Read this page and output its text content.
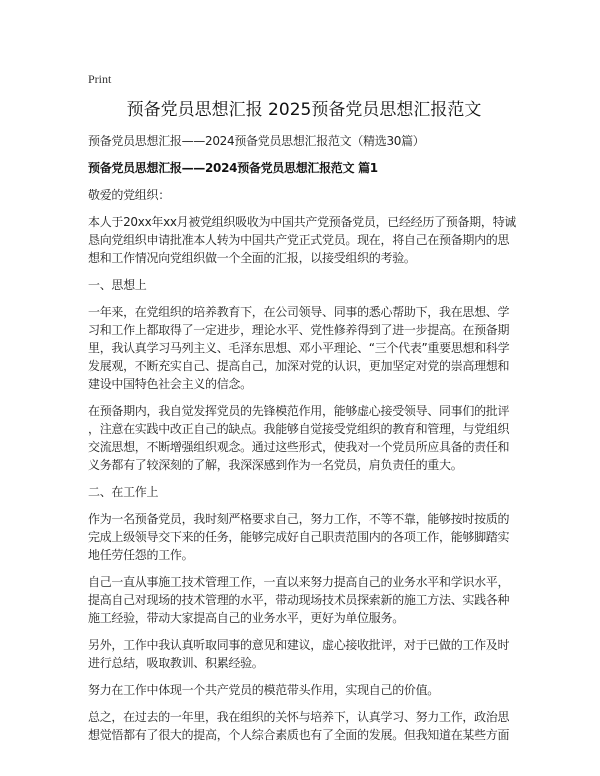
Print
预备党员思想汇报 2025预备党员思想汇报范文
预备党员思想汇报——2024预备党员思想汇报范文（精选30篇）
预备党员思想汇报——2024预备党员思想汇报范文 篇1
敬爱的党组织：
本人于20xx年xx月被党组织吸收为中国共产党预备党员，已经经历了预备期，特诚
恳向党组织申请批准本人转为中国共产党正式党员。现在，将自己在预备期内的思
想和工作情况向党组织做一个全面的汇报，以接受组织的考验。
一、思想上
一年来，在党组织的培养教育下，在公司领导、同事的悉心帮助下，我在思想、学
习和工作上都取得了一定进步，理论水平、党性修养得到了进一步提高。在预备期
里，我认真学习马列主义、毛泽东思想、邓小平理论、“三个代表”重要思想和科学
发展观，不断充实自己、提高自己，加深对党的认识，更加坚定对党的崇高理想和
建设中国特色社会主义的信念。
在预备期内，我自觉发挥党员的先锋模范作用，能够虚心接受领导、同事们的批评
，注意在实践中改正自己的缺点。我能够自觉接受党组织的教育和管理，与党组织
交流思想，不断增强组织观念。通过这些形式，使我对一个党员所应具备的责任和
义务都有了较深刻的了解，我深深感到作为一名党员，肩负责任的重大。
二、在工作上
作为一名预备党员，我时刻严格要求自己，努力工作，不等不靠，能够按时按质的
完成上级领导交下来的任务，能够完成好自己职责范围内的各项工作，能够脚踏实
地任劳任怨的工作。
自己一直从事施工技术管理工作，一直以来努力提高自己的业务水平和学识水平，
提高自己对现场的技术管理的水平，带动现场技术员探索新的施工方法、实践各种
施工经验，带动大家提高自己的业务水平，更好为单位服务。
另外，工作中我认真听取同事的意见和建议，虚心接收批评，对于已做的工作及时
进行总结，吸取教训、积累经验。
努力在工作中体现一个共产党员的模范带头作用，实现自己的价值。
总之，在过去的一年里，我在组织的关怀与培养下，认真学习、努力工作，政治思
想觉悟都有了很大的提高，个人综合素质也有了全面的发展。但我知道在某些方面
